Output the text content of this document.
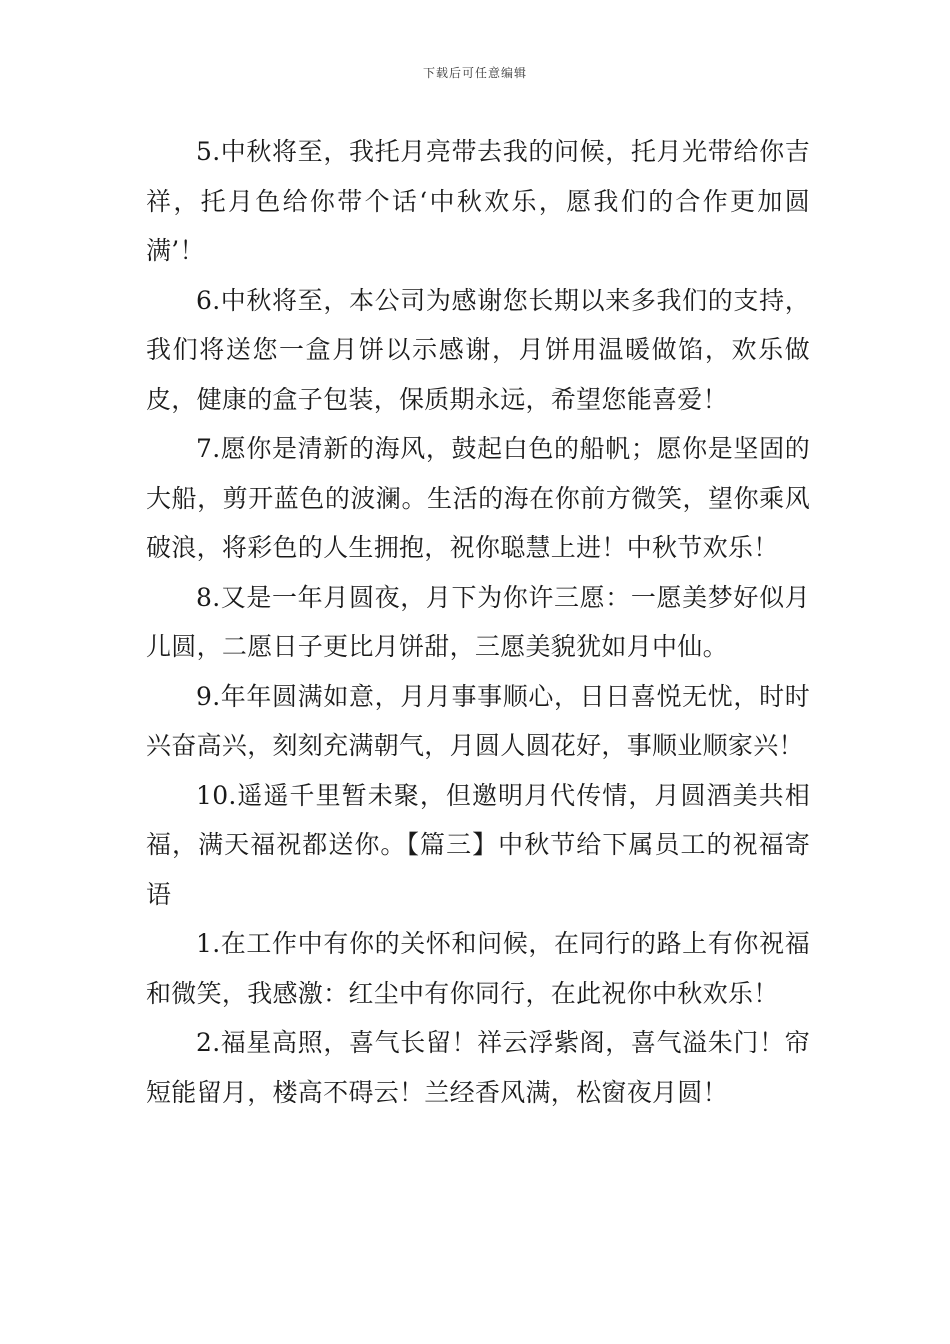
下载后可任意编辑

5.中秋将至，我托月亮带去我的问候，托月光带给你吉祥，托月色给你带个话‘中秋欢乐，愿我们的合作更加圆满’！

6.中秋将至，本公司为感谢您长期以来多我们的支持，我们将送您一盒月饼以示感谢，月饼用温暖做馅，欢乐做皮，健康的盒子包装，保质期永远，希望您能喜爱！

7.愿你是清新的海风，鼓起白色的船帆；愿你是坚固的大船，剪开蓝色的波澜。生活的海在你前方微笑，望你乘风破浪，将彩色的人生拥抱，祝你聪慧上进！中秋节欢乐！

8.又是一年月圆夜，月下为你许三愿：一愿美梦好似月儿圆，二愿日子更比月饼甜，三愿美貌犹如月中仙。

9.年年圆满如意，月月事事顺心，日日喜悦无忧，时时兴奋高兴，刻刻充满朝气，月圆人圆花好，事顺业顺家兴！

10.遥遥千里暂未聚，但邀明月代传情，月圆酒美共相福，满天福祝都送你。【篇三】中秋节给下属员工的祝福寄语

1.在工作中有你的关怀和问候，在同行的路上有你祝福和微笑，我感激：红尘中有你同行，在此祝你中秋欢乐！

2.福星高照，喜气长留！祥云浮紫阁，喜气溢朱门！帘短能留月，楼高不碍云！兰经香风满，松窗夜月圆！
